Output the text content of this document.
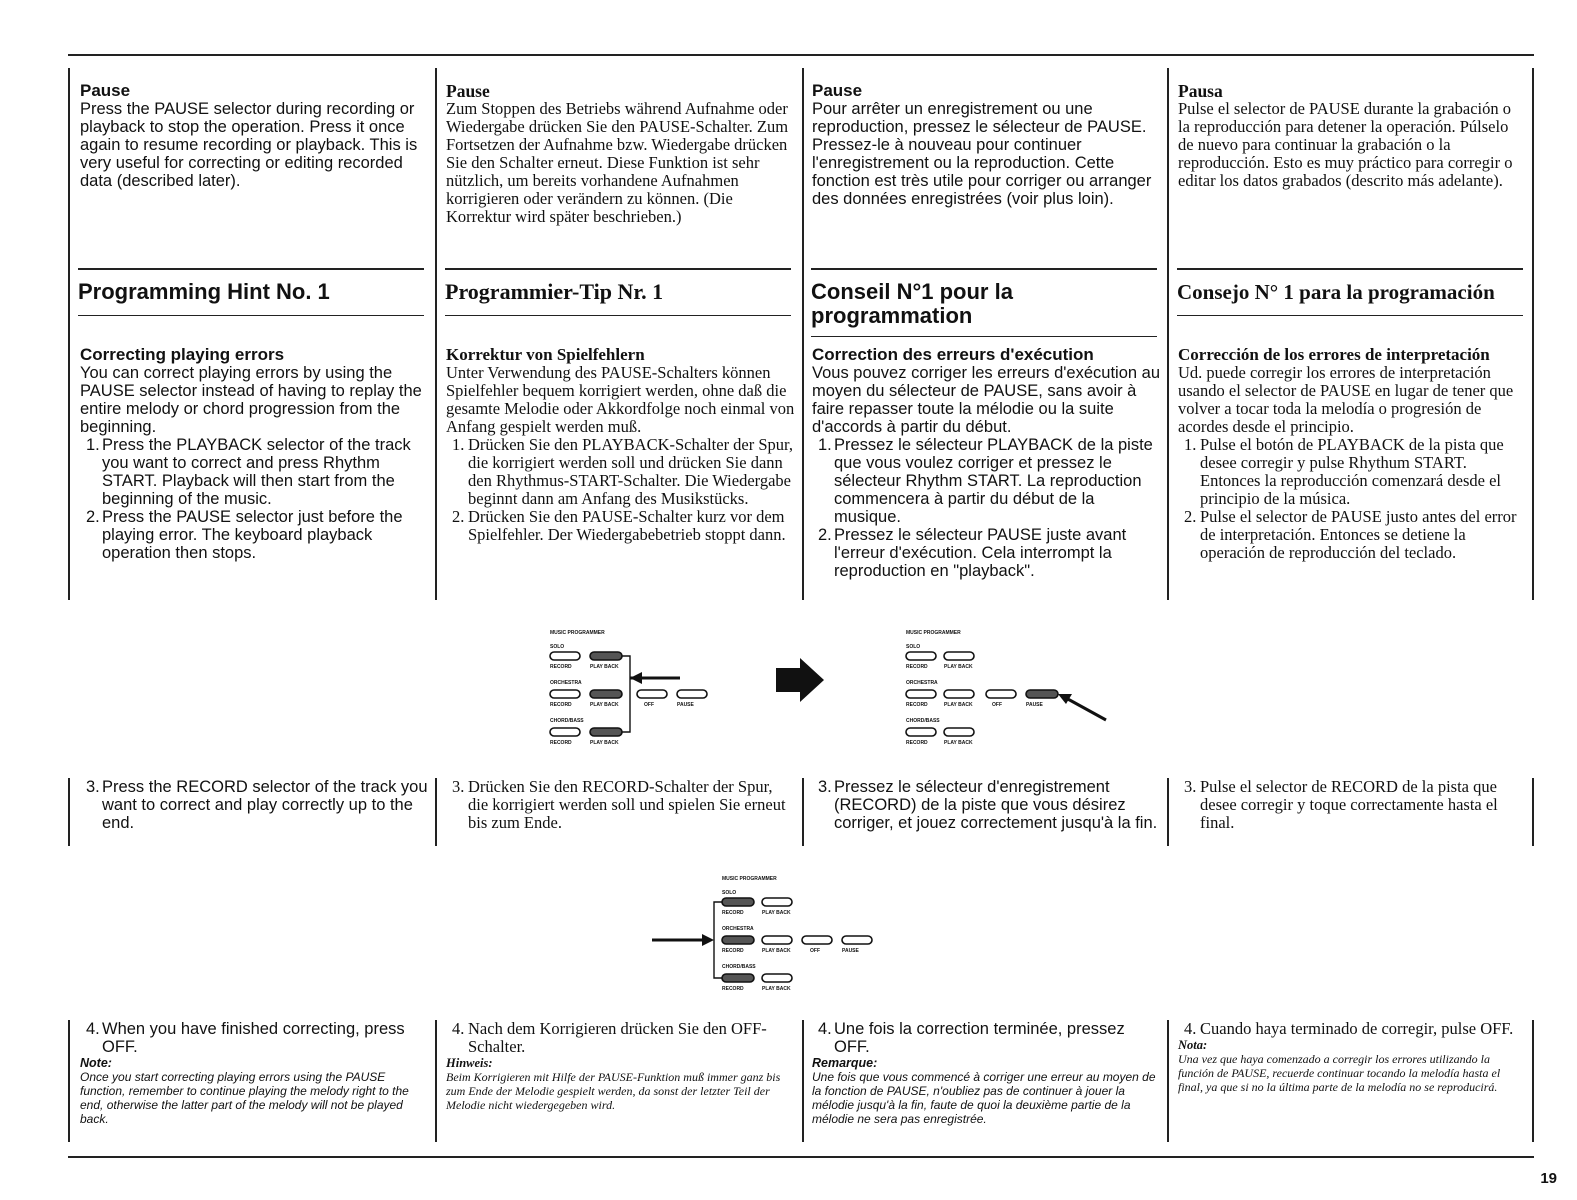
Pause

Press the PAUSE selector during recording or playback to stop the operation. Press it once again to resume recording or playback. This is very useful for correcting or editing recorded data (described later).

Programming Hint No. 1

Correcting playing errors

You can correct playing errors by using the PAUSE selector instead of having to replay the entire melody or chord progression from the beginning.

1. Press the PLAYBACK selector of the track you want to correct and press Rhythm START. Playback will then start from the beginning of the music.
2. Press the PAUSE selector just before the playing error. The keyboard playback operation then stops.

Pause

Zum Stoppen des Betriebs während Aufnahme oder Wiedergabe drücken Sie den PAUSE-Schalter. Zum Fortsetzen der Aufnahme bzw. Wiedergabe drücken Sie den Schalter erneut. Diese Funktion ist sehr nützlich, um bereits vorhandene Aufnahmen korrigieren oder verändern zu können. (Die Korrektur wird später beschrieben.)

Programmier-Tip Nr. 1

Korrektur von Spielfehlern

Unter Verwendung des PAUSE-Schalters können Spielfehler bequem korrigiert werden, ohne daß die gesamte Melodie oder Akkordfolge noch einmal von Anfang gespielt werden muß.

1. Drücken Sie den PLAYBACK-Schalter der Spur, die korrigiert werden soll und drücken Sie dann den Rhythmus-START-Schalter. Die Wiedergabe beginnt dann am Anfang des Musikstücks.
2. Drücken Sie den PAUSE-Schalter kurz vor dem Spielfehler. Der Wiedergabebetrieb stoppt dann.

Pause

Pour arrêter un enregistrement ou une reproduction, pressez le sélecteur de PAUSE. Pressez-le à nouveau pour continuer l'enregistrement ou la reproduction. Cette fonction est très utile pour corriger ou arranger des données enregistrées (voir plus loin).

Conseil N°1 pour la programmation

Correction des erreurs d'exécution

Vous pouvez corriger les erreurs d'exécution au moyen du sélecteur de PAUSE, sans avoir à faire repasser toute la mélodie ou la suite d'accords à partir du début.

1. Pressez le sélecteur PLAYBACK de la piste que vous voulez corriger et pressez le sélecteur Rhythm START. La reproduction commencera à partir du début de la musique.
2. Pressez le sélecteur PAUSE juste avant l'erreur d'exécution. Cela interrompt la reproduction en "playback".

Pausa

Pulse el selector de PAUSE durante la grabación o la reproducción para detener la operación. Púlselo de nuevo para continuar la grabación o la reproducción. Esto es muy práctico para corregir o editar los datos grabados (descrito más adelante).

Consejo N° 1 para la programación

Corrección de los errores de interpretación

Ud. puede corregir los errores de interpretación usando el selector de PAUSE en lugar de tener que volver a tocar toda la melodía o progresión de acordes desde el principio.

1. Pulse el botón de PLAYBACK de la pista que desee corregir y pulse Rhythum START. Entonces la reproducción comenzará desde el principio de la música.
2. Pulse el selector de PAUSE justo antes del error de interpretación. Entonces se detiene la operación de reproducción del teclado.
MUSIC PROGRAMMER
SOLO
RECORD	PLAY BACK
ORCHESTRA
RECORD	PLAY BACK	OFF	PAUSE
CHORD/BASS
RECORD	PLAY BACK
MUSIC PROGRAMMER
SOLO
RECORD	PLAY BACK
ORCHESTRA
RECORD	PLAY BACK	OFF	PAUSE
CHORD/BASS
RECORD	PLAY BACK
3. Press the RECORD selector of the track you want to correct and play correctly up to the end.
3. Drücken Sie den RECORD-Schalter der Spur, die korrigiert werden soll und spielen Sie erneut bis zum Ende.
3. Pressez le sélecteur d'enregistrement (RECORD) de la piste que vous désirez corriger, et jouez correctement jusqu'à la fin.
3. Pulse el selector de RECORD de la pista que desee corregir y toque correctamente hasta el final.
MUSIC PROGRAMMER
SOLO
RECORD	PLAY BACK
ORCHESTRA
RECORD	PLAY BACK	OFF	PAUSE
CHORD/BASS
RECORD	PLAY BACK
4. When you have finished correcting, press OFF.

Note:

Once you start correcting playing errors using the PAUSE function, remember to continue playing the melody right to the end, otherwise the latter part of the melody will not be played back.

4. Nach dem Korrigieren drücken Sie den OFF-Schalter.

Hinweis:

Beim Korrigieren mit Hilfe der PAUSE-Funktion muß immer ganz bis zum Ende der Melodie gespielt werden, da sonst der letzter Teil der Melodie nicht wiedergegeben wird.

4. Une fois la correction terminée, pressez OFF.

Remarque:

Une fois que vous commencé à corriger une erreur au moyen de la fonction de PAUSE, n'oubliez pas de continuer à jouer la mélodie jusqu'à la fin, faute de quoi la deuxième partie de la mélodie ne sera pas enregistrée.

4. Cuando haya terminado de corregir, pulse OFF.

Nota:

Una vez que haya comenzado a corregir los errores utilizando la función de PAUSE, recuerde continuar tocando la melodía hasta el final, ya que si no la última parte de la melodía no se reproducirá.

19
